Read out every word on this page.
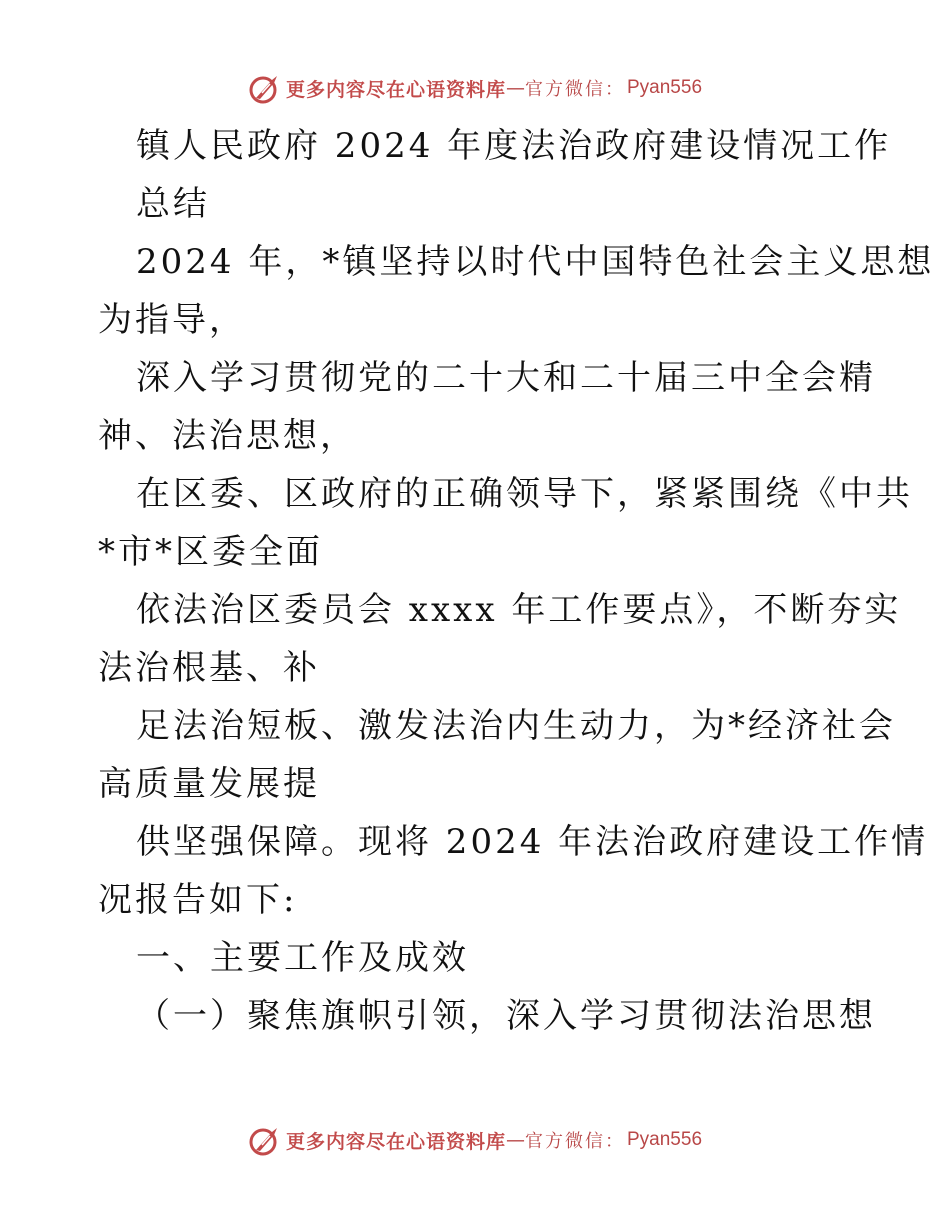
更多内容尽在心语资料库 — 官方微信： Pyan556
镇人民政府 2024 年度法治政府建设情况工作
总结
2024 年，*镇坚持以时代中国特色社会主义思想
为指导，
深入学习贯彻党的二十大和二十届三中全会精
神、法治思想，
在区委、区政府的正确领导下，紧紧围绕《中共
*市*区委全面
依法治区委员会 xxxx 年工作要点》，不断夯实
法治根基、补
足法治短板、激发法治内生动力，为*经济社会
高质量发展提
供坚强保障。现将 2024 年法治政府建设工作情
况报告如下:
一、主要工作及成效
（一）聚焦旗帜引领，深入学习贯彻法治思想
更多内容尽在心语资料库 — 官方微信： Pyan556
